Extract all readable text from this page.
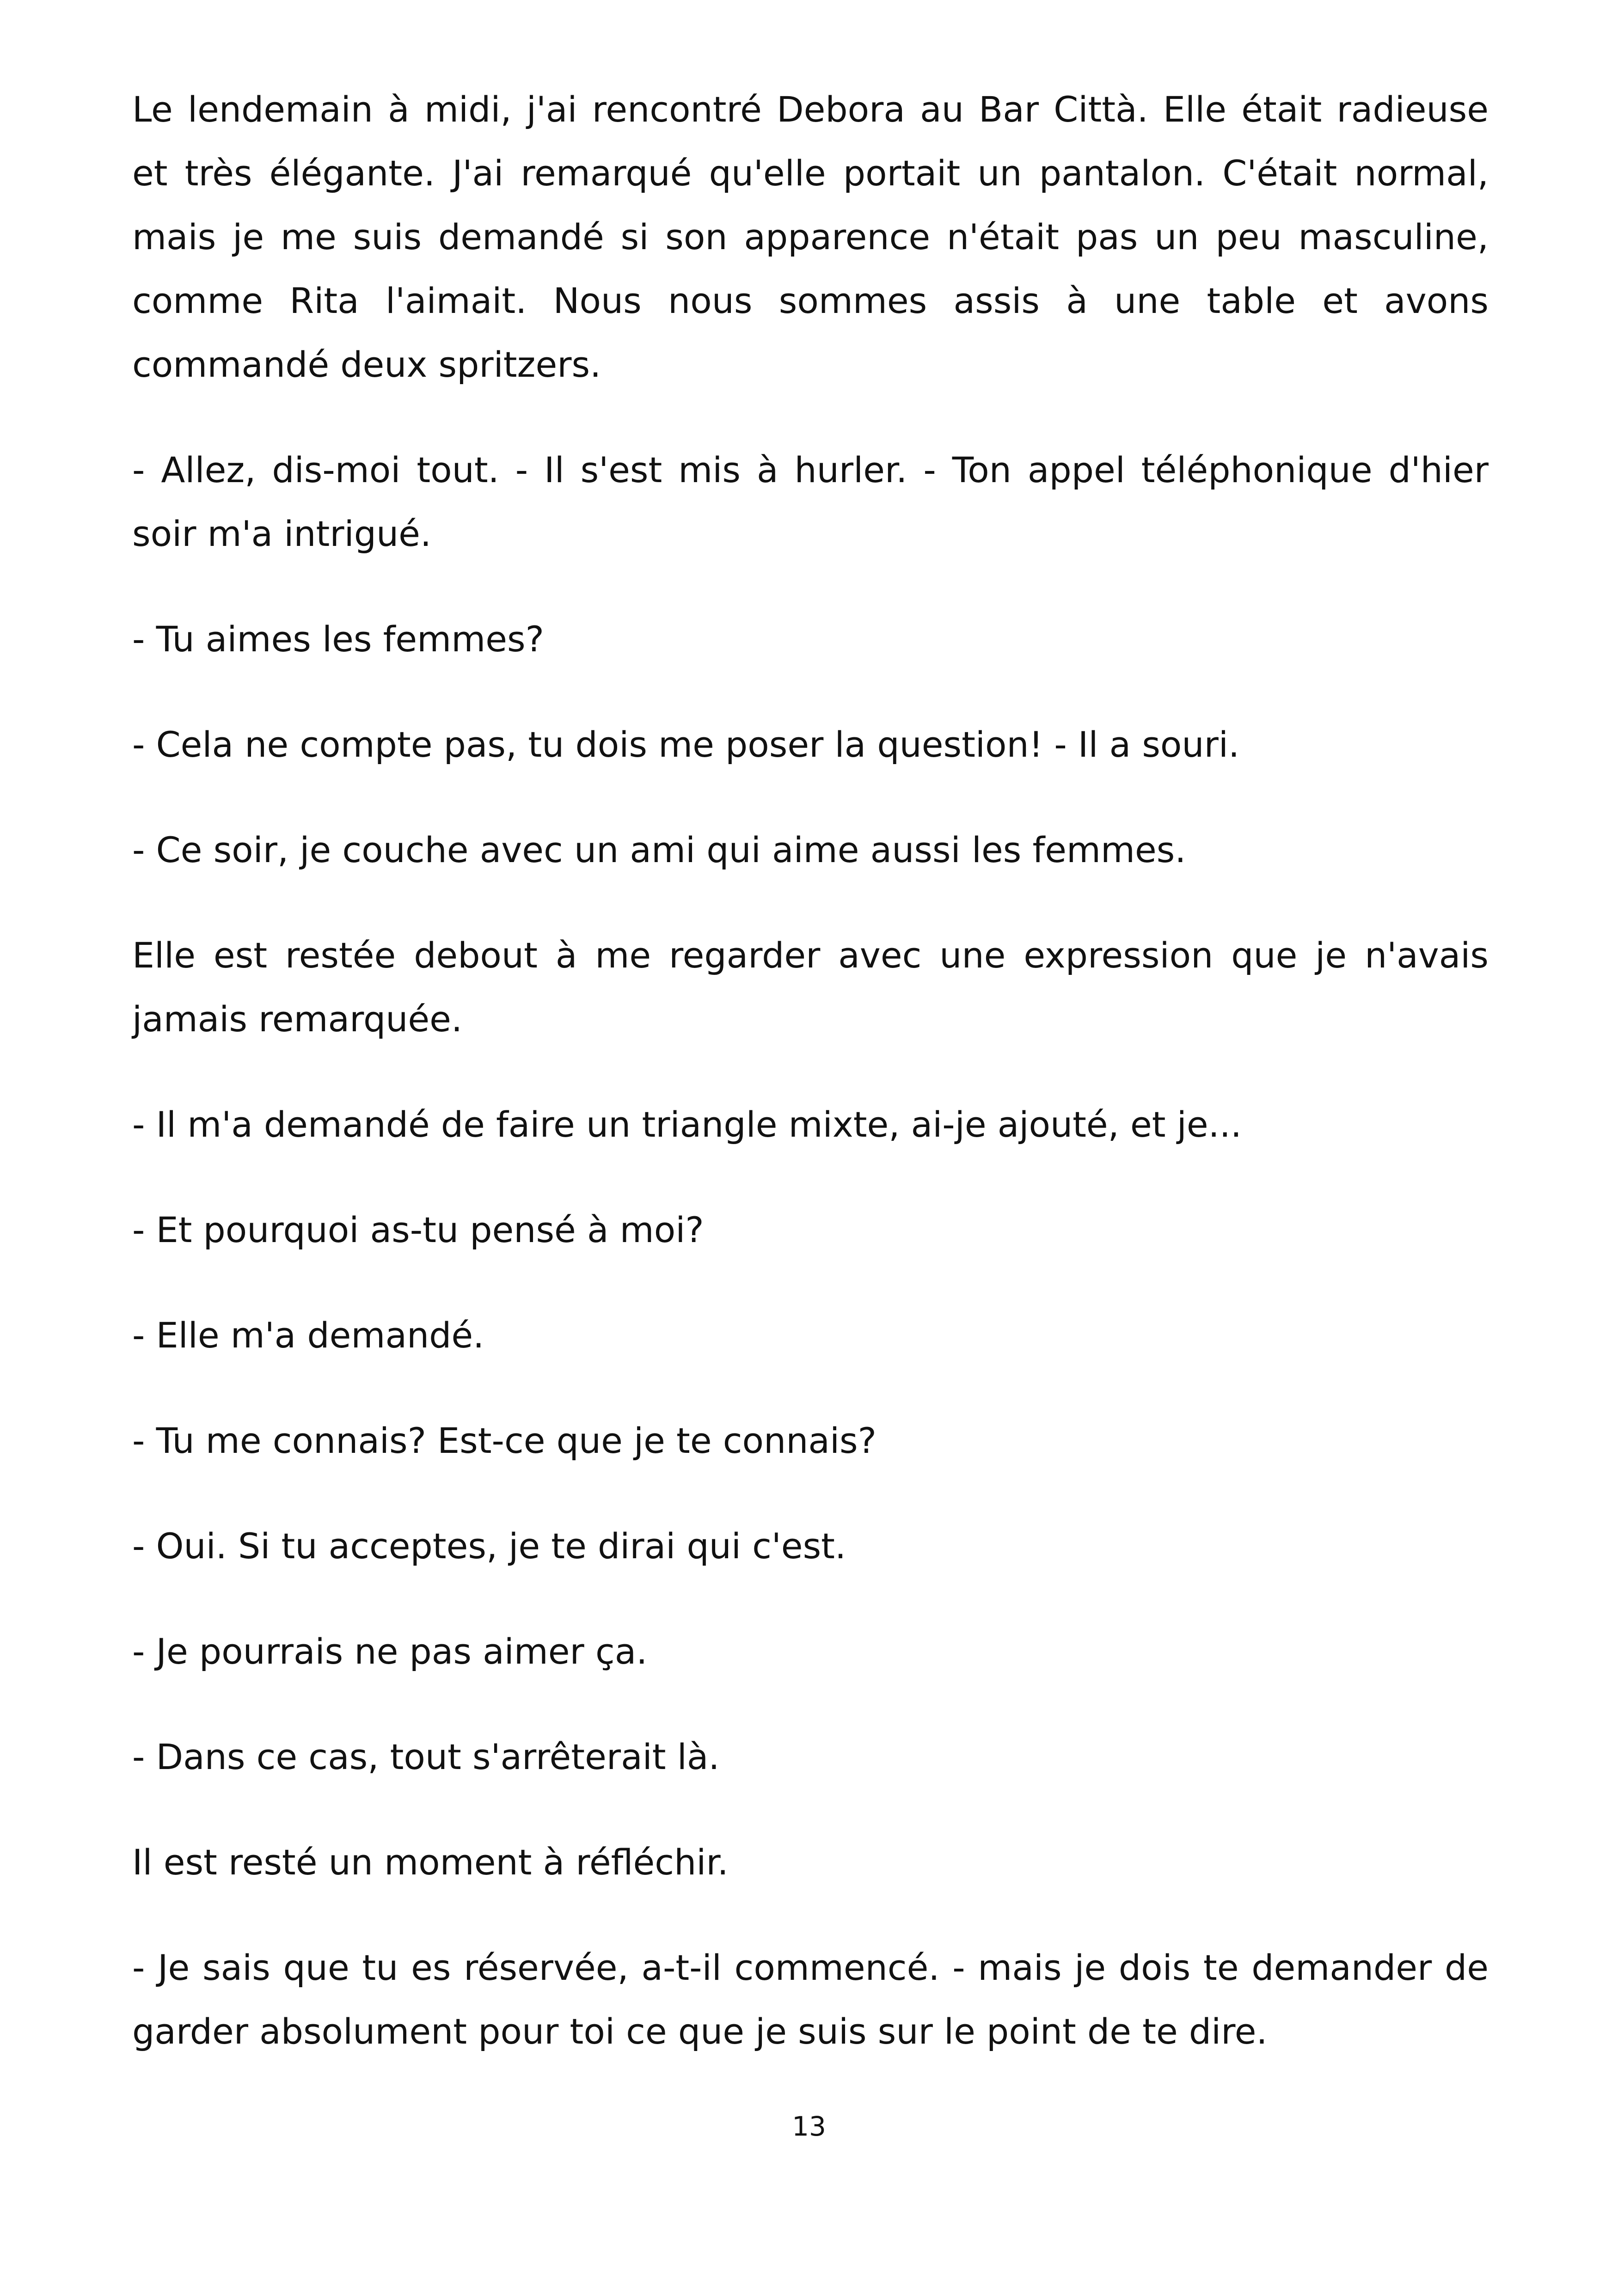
Le lendemain à midi, j'ai rencontré Debora au Bar Città. Elle était radieuse et très élégante. J'ai remarqué qu'elle portait un pantalon. C'était normal, mais je me suis demandé si son apparence n'était pas un peu masculine, comme Rita l'aimait. Nous nous sommes assis à une table et avons commandé deux spritzers.

- Allez, dis-moi tout. - Il s'est mis à hurler. - Ton appel téléphonique d'hier soir m'a intrigué.

- Tu aimes les femmes?

- Cela ne compte pas, tu dois me poser la question! - Il a souri.

- Ce soir, je couche avec un ami qui aime aussi les femmes.

Elle est restée debout à me regarder avec une expression que je n'avais jamais remarquée.

- Il m'a demandé de faire un triangle mixte, ai-je ajouté, et je...

- Et pourquoi as-tu pensé à moi?

- Elle m'a demandé.

- Tu me connais? Est-ce que je te connais?

- Oui. Si tu acceptes, je te dirai qui c'est.

- Je pourrais ne pas aimer ça.

- Dans ce cas, tout s'arrêterait là.

Il est resté un moment à réfléchir.

- Je sais que tu es réservée, a-t-il commencé. - mais je dois te demander de garder absolument pour toi ce que je suis sur le point de te dire.

13
